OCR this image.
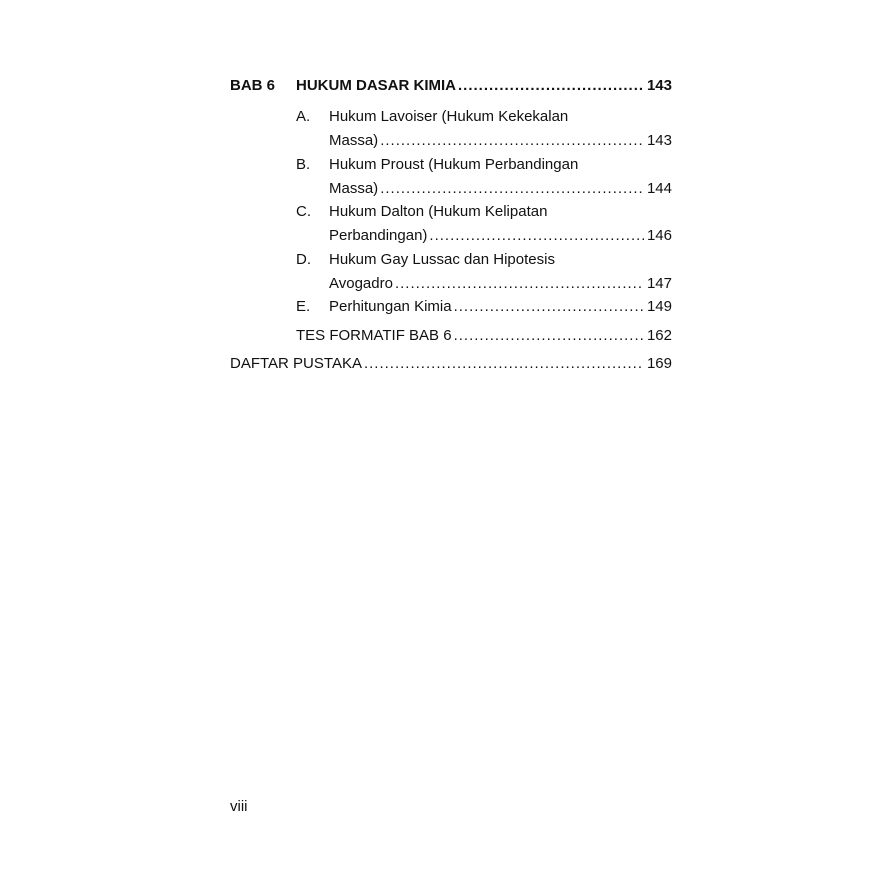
BAB 6 HUKUM DASAR KIMIA .....	143
A. Hukum Lavoiser (Hukum Kekekalan
Massa) .....	143
B. Hukum Proust (Hukum Perbandingan
Massa) .....	144
C. Hukum Dalton (Hukum Kelipatan
Perbandingan) .....	146
D. Hukum Gay Lussac dan Hipotesis
Avogadro .....	147
E. Perhitungan Kimia .....	149
TES FORMATIF BAB 6 .....	162
DAFTAR PUSTAKA .....	169
viii
